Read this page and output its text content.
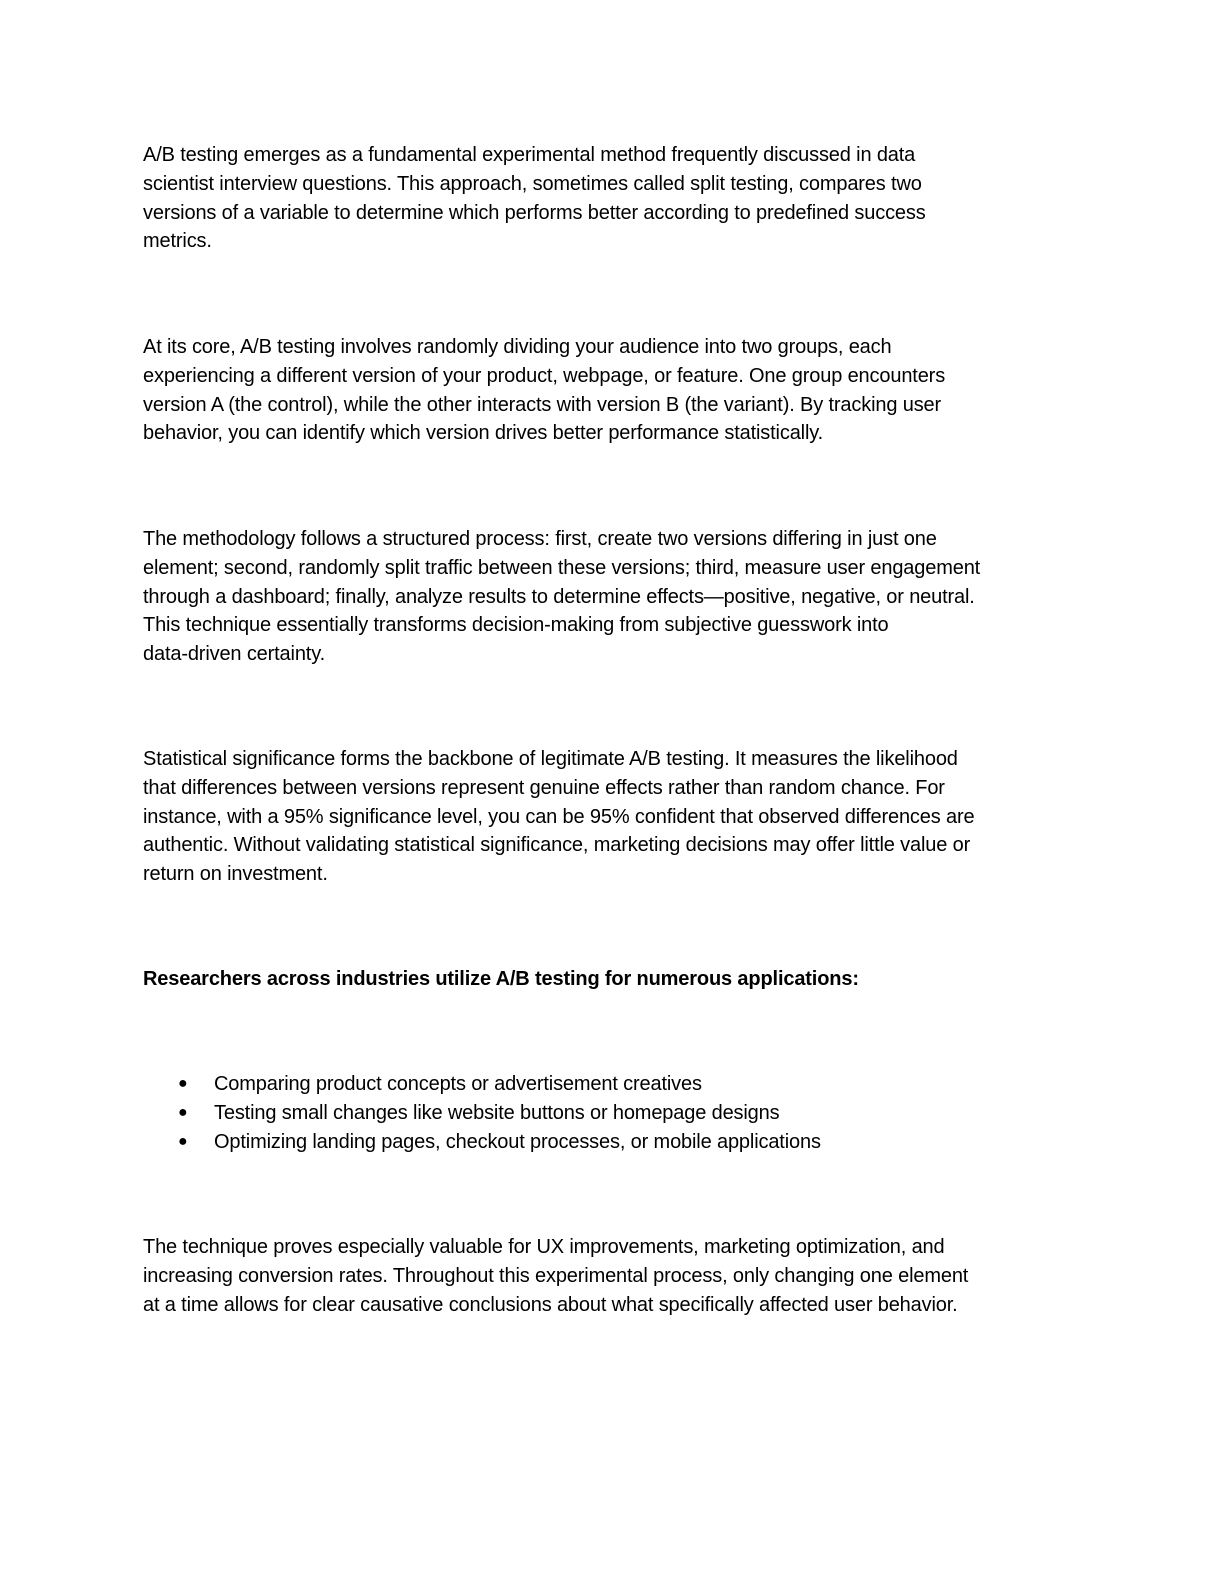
A/B testing emerges as a fundamental experimental method frequently discussed in data
scientist interview questions. This approach, sometimes called split testing, compares two
versions of a variable to determine which performs better according to predefined success
metrics.
At its core, A/B testing involves randomly dividing your audience into two groups, each
experiencing a different version of your product, webpage, or feature. One group encounters
version A (the control), while the other interacts with version B (the variant). By tracking user
behavior, you can identify which version drives better performance statistically.
The methodology follows a structured process: first, create two versions differing in just one
element; second, randomly split traffic between these versions; third, measure user engagement
through a dashboard; finally, analyze results to determine effects—positive, negative, or neutral.
This technique essentially transforms decision-making from subjective guesswork into
data-driven certainty.
Statistical significance forms the backbone of legitimate A/B testing. It measures the likelihood
that differences between versions represent genuine effects rather than random chance. For
instance, with a 95% significance level, you can be 95% confident that observed differences are
authentic. Without validating statistical significance, marketing decisions may offer little value or
return on investment.
Researchers across industries utilize A/B testing for numerous applications:
● Comparing product concepts or advertisement creatives
● Testing small changes like website buttons or homepage designs
● Optimizing landing pages, checkout processes, or mobile applications
The technique proves especially valuable for UX improvements, marketing optimization, and
increasing conversion rates. Throughout this experimental process, only changing one element
at a time allows for clear causative conclusions about what specifically affected user behavior.
